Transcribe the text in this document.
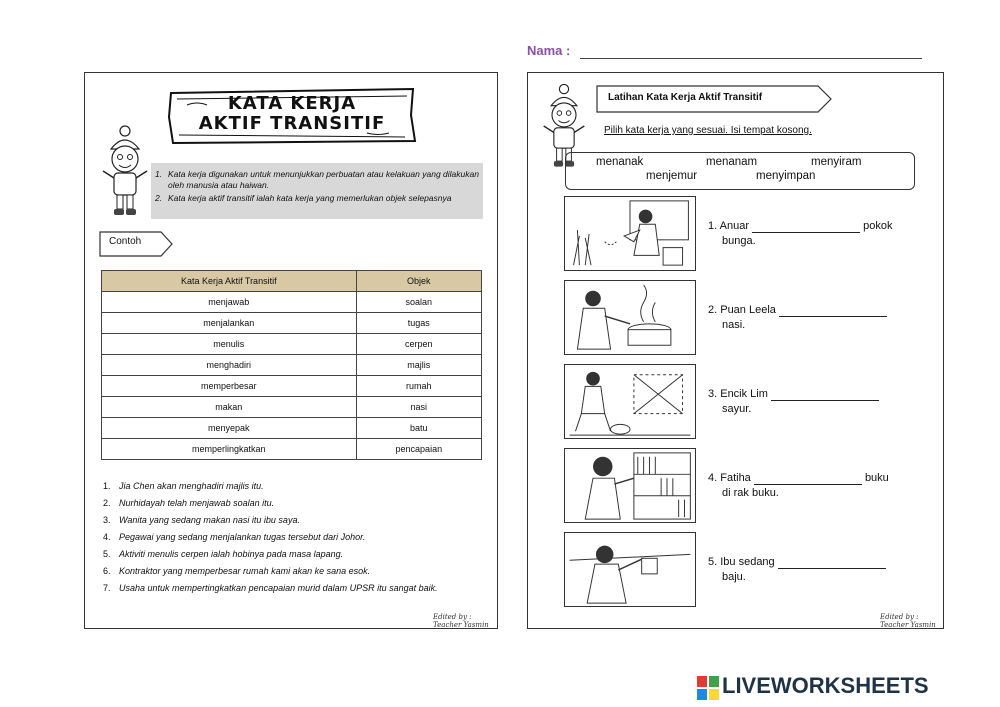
Nama :
KATA KERJA
AKTIF TRANSITIF
1. Kata kerja digunakan untuk menunjukkan perbuatan atau kelakuan yang dilakukan oleh manusia atau haiwan.
2. Kata kerja aktif transitif ialah kata kerja yang memerlukan objek selepasnya
Contoh
Kata Kerja Aktif Transitif	Objek
menjawab	soalan
menjalankan	tugas
menulis	cerpen
menghadiri	majlis
memperbesar	rumah
makan	nasi
menyepak	batu
memperlingkatkan	pencapaian
1. Jia Chen akan menghadiri majlis itu.
2. Nurhidayah telah menjawab soalan itu.
3. Wanita yang sedang makan nasi itu ibu saya.
4. Pegawai yang sedang menjalankan tugas tersebut dari Johor.
5. Aktiviti menulis cerpen ialah hobinya pada masa lapang.
6. Kontraktor yang memperbesar rumah kami akan ke sana esok.
7. Usaha untuk mempertingkatkan pencapaian murid dalam UPSR itu sangat baik.
Edited by : Teacher Yasmin
Latihan Kata Kerja Aktif Transitif
Pilih kata kerja yang sesuai. Isi tempat kosong.
menanak	menanam	menyiram
menjemur	menyimpan
1. Anuar	pokok
bunga.
2. Puan Leela
nasi.
3. Encik Lim
sayur.
4. Fatiha	buku
di rak buku.
5. Ibu sedang
baju.
Edited by : Teacher Yasmin
LIVEWORKSHEETS
